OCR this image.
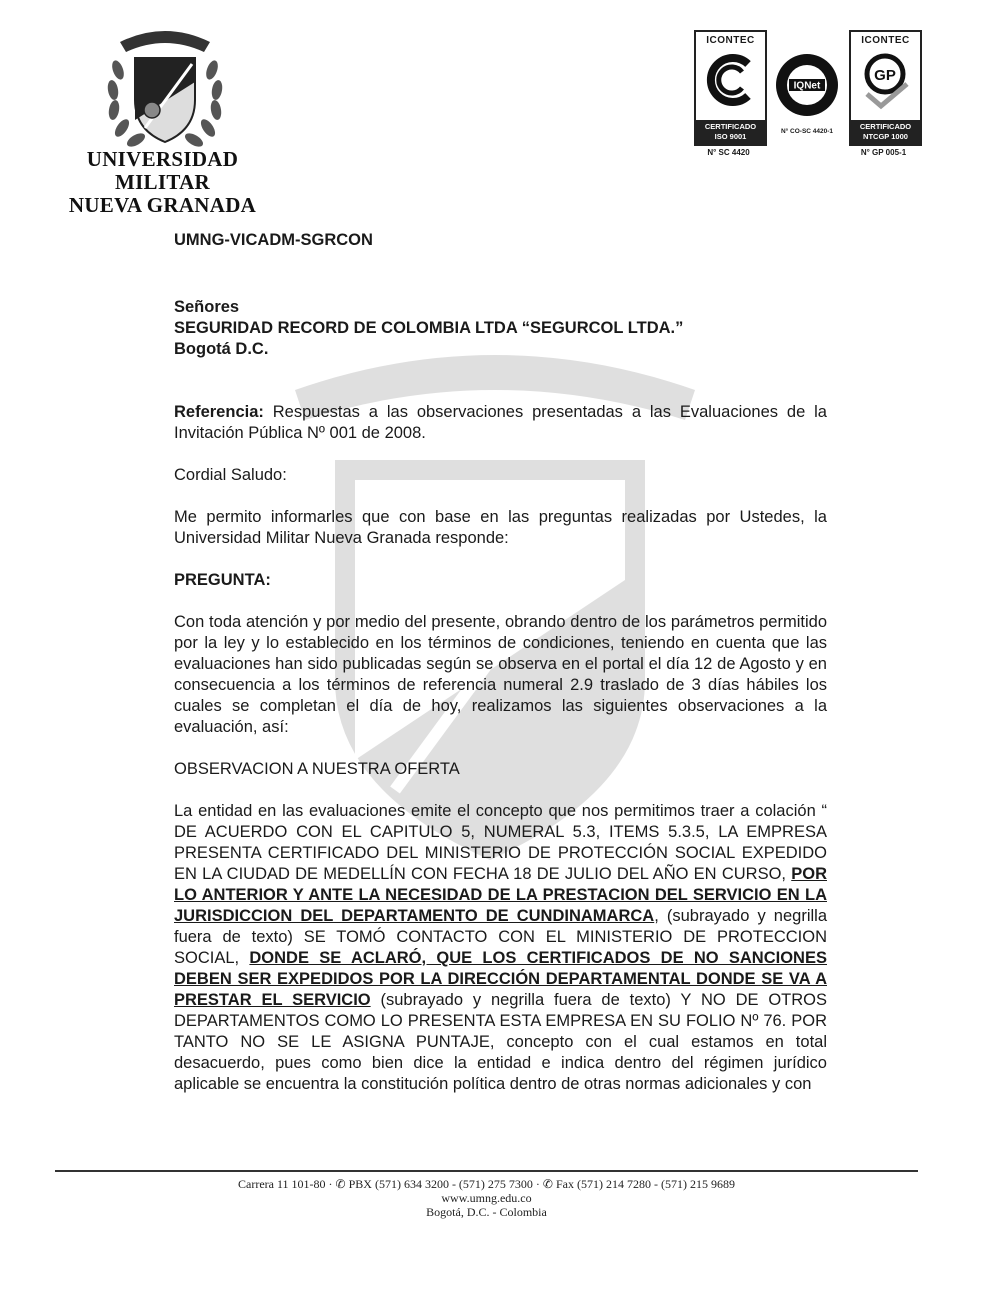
UNIVERSIDAD MILITAR
NUEVA GRANADA
ICONTEC
CERTIFICADO
ISO 9001
N° SC 4420
IQNet
N° CO-SC 4420-1
ICONTEC
GP
CERTIFICADO
NTCGP 1000
N° GP 005-1

UMNG-VICADM-SGRCON

Señores

SEGURIDAD RECORD DE COLOMBIA LTDA “SEGURCOL LTDA.”

Bogotá D.C.

Referencia: Respuestas a las observaciones presentadas a las Evaluaciones de la Invitación Pública Nº 001 de 2008.

Cordial Saludo:

Me permito informarles que con base en las preguntas realizadas por Ustedes, la Universidad Militar Nueva Granada responde:

PREGUNTA:

Con toda atención y por medio del presente, obrando dentro de los parámetros permitido por la ley y lo establecido en los términos de condiciones, teniendo en cuenta que las evaluaciones han sido publicadas según se observa en el portal el día 12 de Agosto y en consecuencia a los términos de referencia numeral 2.9 traslado de 3 días hábiles los cuales se completan el día de hoy, realizamos las siguientes observaciones a la evaluación, así:

OBSERVACION A NUESTRA OFERTA

La entidad en las evaluaciones emite el concepto que nos permitimos traer a colación “ DE ACUERDO CON EL CAPITULO 5, NUMERAL 5.3, ITEMS 5.3.5, LA EMPRESA PRESENTA CERTIFICADO DEL MINISTERIO DE PROTECCIÓN SOCIAL EXPEDIDO EN LA CIUDAD DE MEDELLÍN CON FECHA 18 DE JULIO DEL AÑO EN CURSO, POR LO ANTERIOR Y ANTE LA NECESIDAD DE LA PRESTACION DEL SERVICIO EN LA JURISDICCION DEL DEPARTAMENTO DE CUNDINAMARCA, (subrayado y negrilla fuera de texto) SE TOMÓ CONTACTO CON EL MINISTERIO DE PROTECCION SOCIAL, DONDE SE ACLARÓ, QUE LOS CERTIFICADOS DE NO SANCIONES DEBEN SER EXPEDIDOS POR LA DIRECCIÓN DEPARTAMENTAL DONDE SE VA A PRESTAR EL SERVICIO (subrayado y negrilla fuera de texto) Y NO DE OTROS DEPARTAMENTOS COMO LO PRESENTA ESTA EMPRESA EN SU FOLIO Nº 76. POR TANTO NO SE LE ASIGNA PUNTAJE, concepto con el cual estamos en total desacuerdo, pues como bien dice la entidad e indica dentro del régimen jurídico aplicable se encuentra la constitución política dentro de otras normas adicionales y con

Carrera 11 101-80 · ✆ PBX (571) 634 3200 - (571) 275 7300 · ✆ Fax (571) 214 7280 - (571) 215 9689
www.umng.edu.co
Bogotá, D.C. - Colombia
